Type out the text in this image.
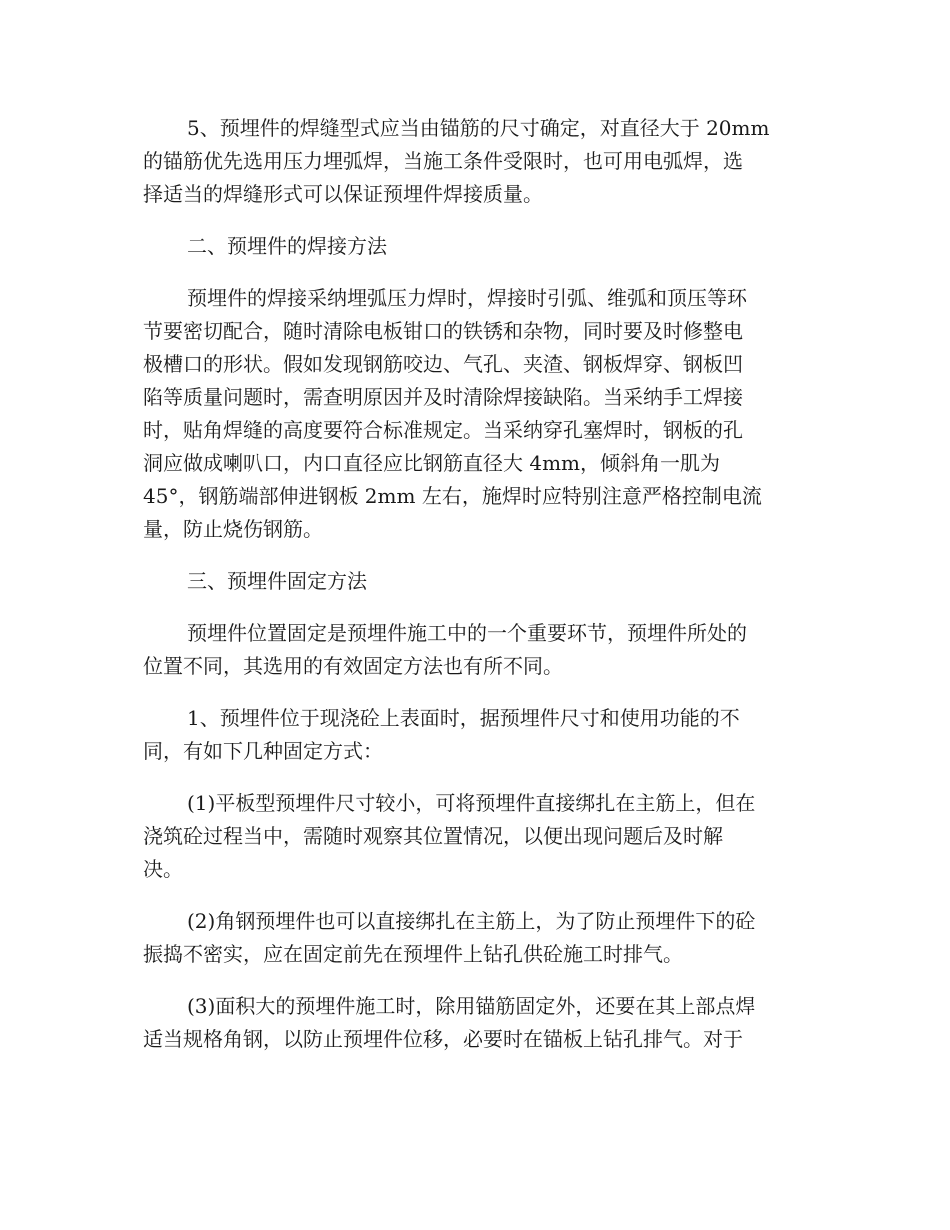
5、预埋件的焊缝型式应当由锚筋的尺寸确定，对直径大于 20mm
的锚筋优先选用压力埋弧焊，当施工条件受限时，也可用电弧焊，选
择适当的焊缝形式可以保证预埋件焊接质量。
二、预埋件的焊接方法
预埋件的焊接采纳埋弧压力焊时，焊接时引弧、维弧和顶压等环
节要密切配合，随时清除电板钳口的铁锈和杂物，同时要及时修整电
极槽口的形状。假如发现钢筋咬边、气孔、夹渣、钢板焊穿、钢板凹
陷等质量问题时，需查明原因并及时清除焊接缺陷。当采纳手工焊接
时，贴角焊缝的高度要符合标准规定。当采纳穿孔塞焊时，钢板的孔
洞应做成喇叭口，内口直径应比钢筋直径大 4mm，倾斜角一肌为
45°，钢筋端部伸进钢板 2mm 左右，施焊时应特别注意严格控制电流
量，防止烧伤钢筋。
三、预埋件固定方法
预埋件位置固定是预埋件施工中的一个重要环节，预埋件所处的
位置不同，其选用的有效固定方法也有所不同。
1、预埋件位于现浇砼上表面时，据预埋件尺寸和使用功能的不
同，有如下几种固定方式：
(1)平板型预埋件尺寸较小，可将预埋件直接绑扎在主筋上，但在
浇筑砼过程当中，需随时观察其位置情况，以便出现问题后及时解
决。
(2)角钢预埋件也可以直接绑扎在主筋上，为了防止预埋件下的砼
振捣不密实，应在固定前先在预埋件上钻孔供砼施工时排气。
(3)面积大的预埋件施工时，除用锚筋固定外，还要在其上部点焊
适当规格角钢，以防止预埋件位移，必要时在锚板上钻孔排气。对于
